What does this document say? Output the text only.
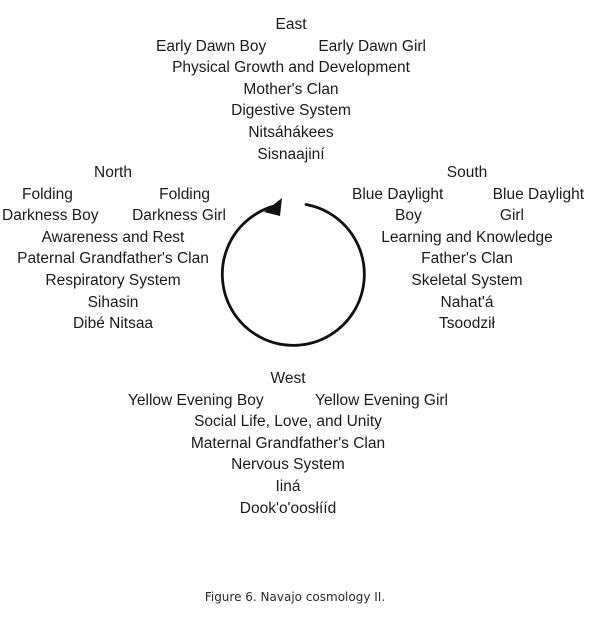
East
Early Dawn Boy	Early Dawn Girl
Physical Growth and Development
Mother's Clan
Digestive System
Nitsáhákees
Sisnaajiní
North
Folding	Folding
Darkness Boy Darkness Girl
Awareness and Rest
Paternal Grandfather's Clan
Respiratory System
Sihasin
Dibé Nitsaa
South
Blue Daylight	Blue Daylight
Boy	Girl
Learning and Knowledge
Father's Clan
Skeletal System
Nahat'á
Tsoodził
West
Yellow Evening Boy	Yellow Evening Girl
Social Life, Love, and Unity
Maternal Grandfather's Clan
Nervous System
Iiná
Dook'o'oosłííd
Figure 6. Navajo cosmology II.
